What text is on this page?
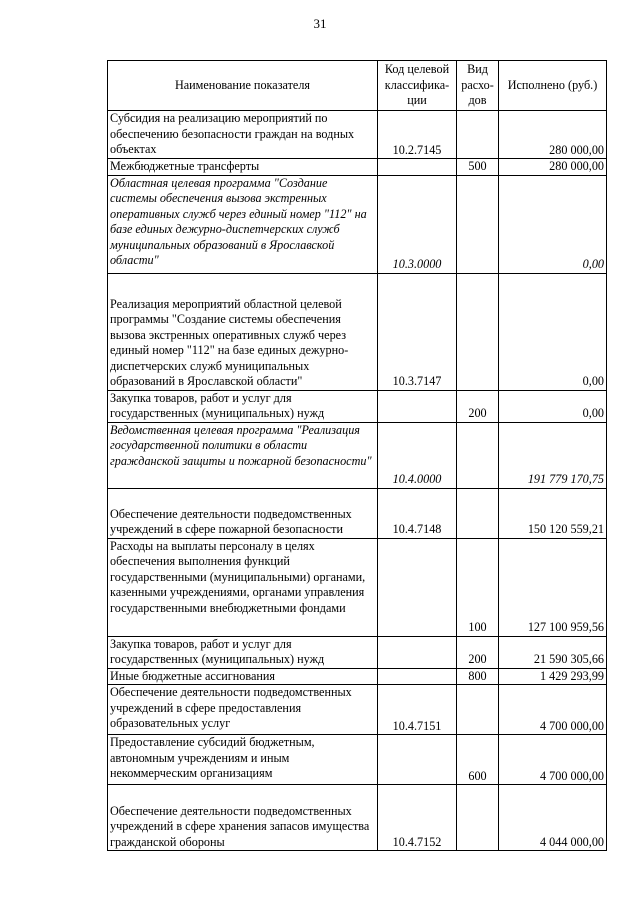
31
Наименование показателя	Код целевой классифика-ции	Вид расхо-дов	Исполнено (руб.)
Субсидия на реализацию мероприятий по обеспечению безопасности граждан на водных объектах	10.2.7145		280 000,00
Межбюджетные трансферты		500	280 000,00
Областная целевая программа "Создание системы обеспечения вызова экстренных оперативных служб через единый номер "112" на базе единых дежурно-диспетчерских служб муниципальных образований в Ярославской области"	10.3.0000		0,00
Реализация мероприятий областной целевой программы "Создание системы обеспечения вызова экстренных оперативных служб через единый номер "112" на базе единых дежурно-диспетчерских служб муниципальных образований в Ярославской области"	10.3.7147		0,00
Закупка товаров, работ и услуг для государственных (муниципальных) нужд		200	0,00
Ведомственная целевая программа "Реализация государственной политики в области гражданской защиты и пожарной безопасности"	10.4.0000		191 779 170,75
Обеспечение деятельности подведомственных учреждений в сфере пожарной безопасности	10.4.7148		150 120 559,21
Расходы на выплаты персоналу в целях обеспечения выполнения функций государственными (муниципальными) органами, казенными учреждениями, органами управления государственными внебюджетными фондами		100	127 100 959,56
Закупка товаров, работ и услуг для государственных (муниципальных) нужд		200	21 590 305,66
Иные бюджетные ассигнования		800	1 429 293,99
Обеспечение деятельности подведомственных учреждений в сфере предоставления образовательных услуг	10.4.7151		4 700 000,00
Предоставление субсидий бюджетным, автономным учреждениям и иным некоммерческим организациям		600	4 700 000,00
Обеспечение деятельности подведомственных учреждений в сфере хранения запасов имущества гражданской обороны	10.4.7152		4 044 000,00
